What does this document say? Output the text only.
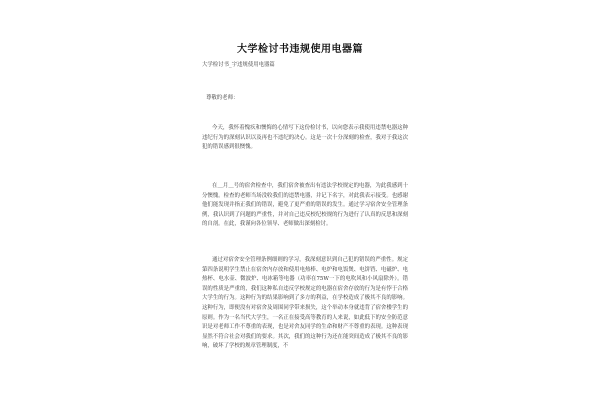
大学检讨书违规使用电器篇
大学检讨书_宇违规使用电器篇
尊敬的老师：

今天，我怀着愧疚和懊悔的心情写下这份检讨书，以向您表示我使用违禁电器这种违纪行为的深刻认识以及再也不违纪的决心。这是一次十分深刻的检查，我对于我这次犯的错误感到很懊愧。

在＿月＿号的宿舍检查中，我们宿舍被查出有违法学校规定的电器，为此我感到十分懊愧。检查的老师当场没收我们的违禁电器，并记下名字，对此我表示接受。也感谢他们能发现并指正我们的错误，避免了更严重的错误的发生。通过学习宿舍安全管理条例，我认识到了问题的严重性，并对自己违反校纪校规的行为进行了认真的反思和深刻的自剖。在此，我谨向各位领导、老师做出深刻检讨。

通过对宿舍安全管理条例细则的学习，我深刻意识到自己犯的错误的严重性。规定第四条说明学生禁止在宿舍内存放和使用电热棒、电炉和电饭煲、电饼铛、电磁炉、电热杯、电水壶、微波炉、电冰箱等电器（功率在75W一下的电吹风和小风扇除外）。错误的性质是严重的，我们这种私自违反学校规定的电器在宿舍存放的行为是有悖于合格大学生的行为。这种行为的结果影响到了多方的利益，在学校造成了极其不良的影响。这种行为，即便没有对宿舍及周围同学带来损失，这个举动本身就违背了宿舍楼学生的原则。作为一名当代大学生，一名正在接受高等教育的人来说，如此低下的安全防范意识是对老师工作不尊重的表现，也是对舍友同学的生命和财产不尊重的表现。这种表现显然不符合社会对我们的要求。其次，我们的这种行为还在能突间造成了极其不良的影响，破坏了学校的规章管理制度，不
